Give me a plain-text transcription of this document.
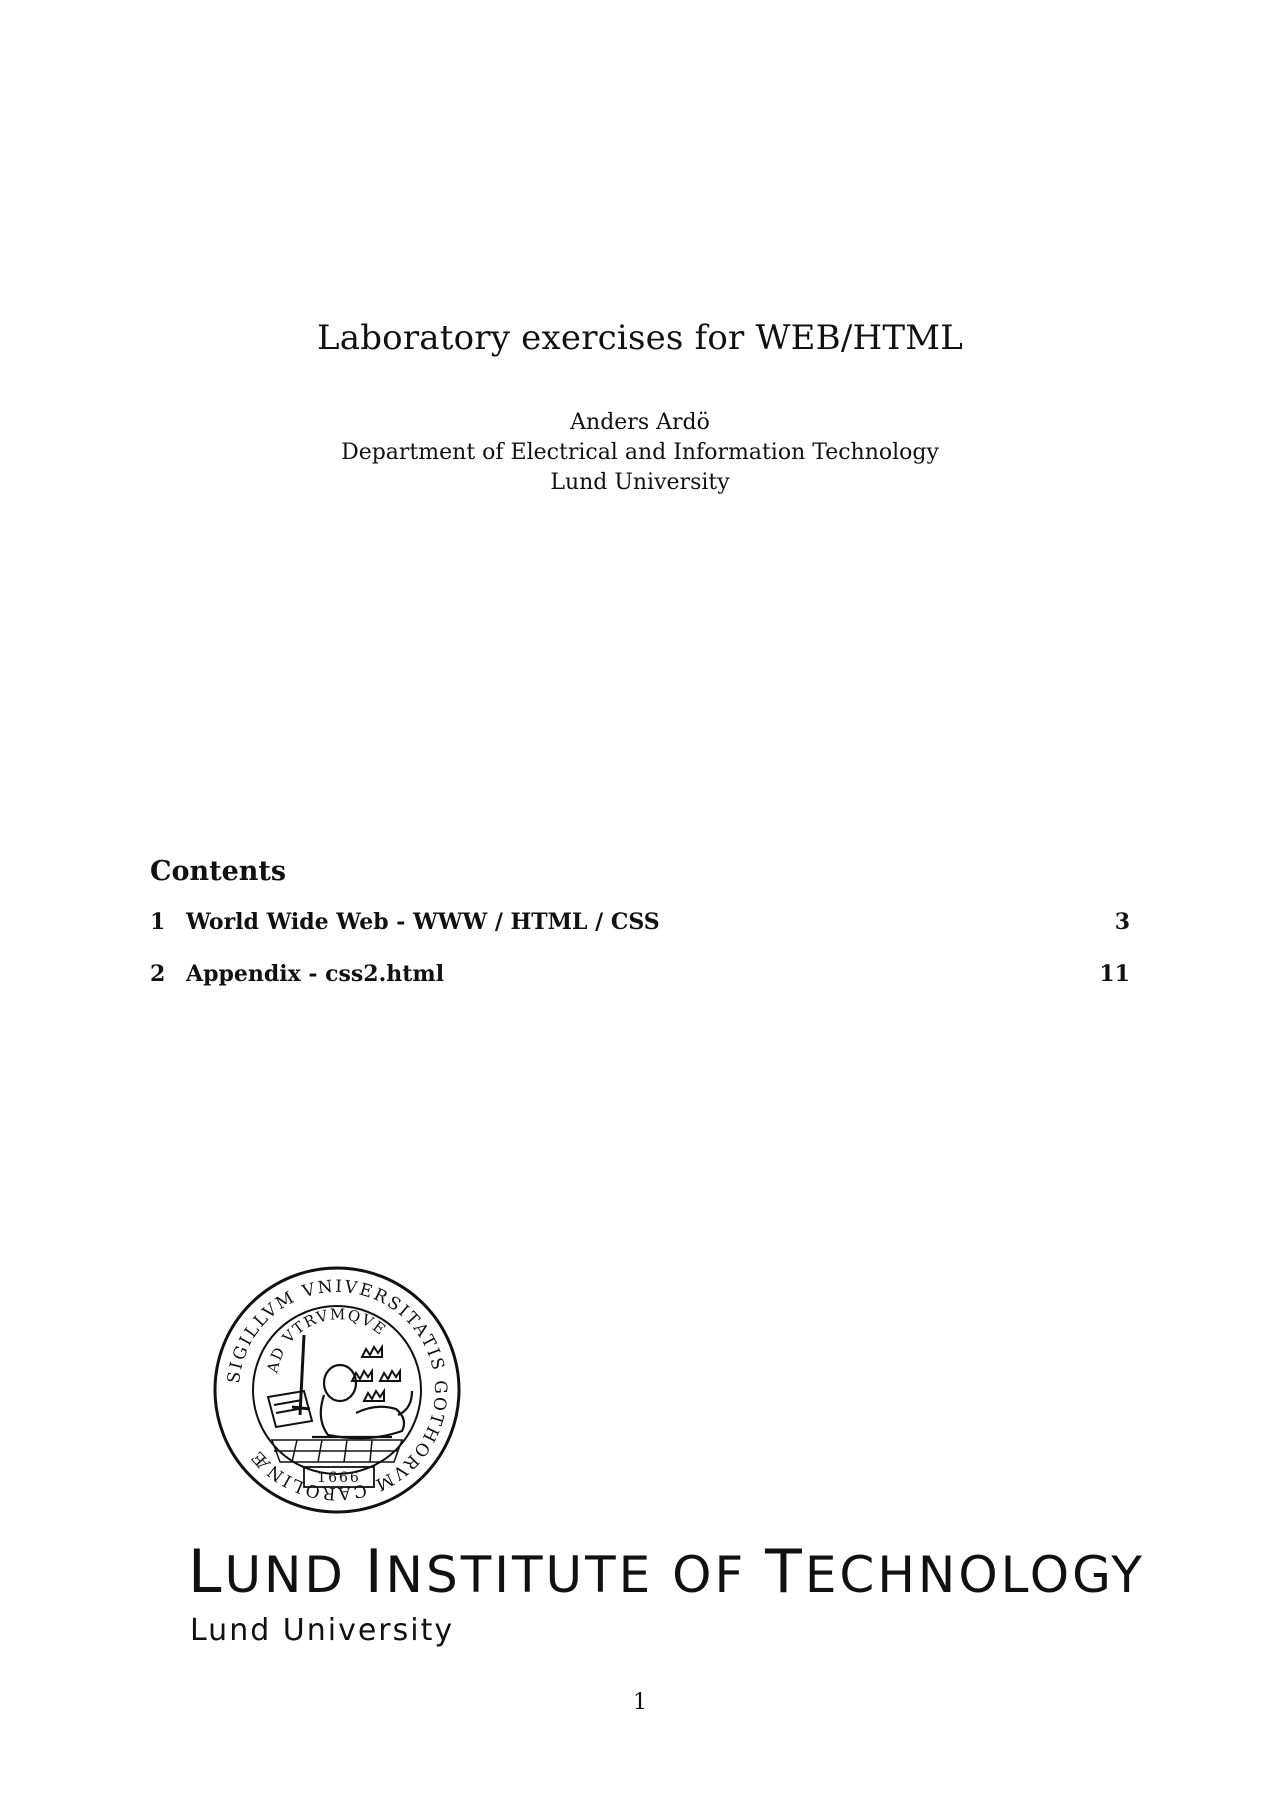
Laboratory exercises for WEB/HTML
Anders Ardö
Department of Electrical and Information Technology
Lund University
Contents
1 World Wide Web - WWW / HTML / CSS	3
2 Appendix - css2.html	11
SIGILLVM VNIVERSITATIS GOTHORVM CAROLINÆ
AD VTRVMQVE
1666
LUND INSTITUTE OF TECHNOLOGY
Lund University
1
